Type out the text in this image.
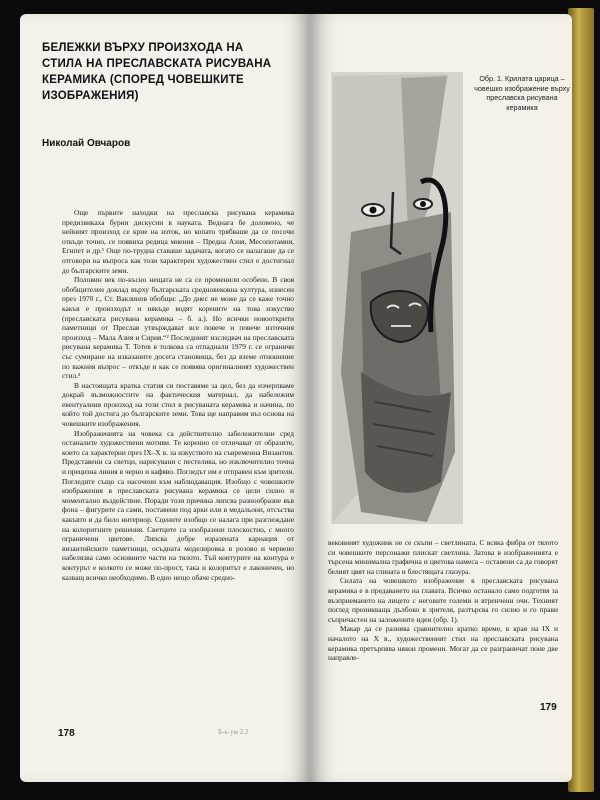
БЕЛЕЖКИ ВЪРХУ ПРОИЗХОДА НА СТИЛА НА ПРЕСЛАВСКАТА РИСУВАНА КЕРАМИКА (СПОРЕД ЧОВЕШКИТЕ ИЗОБРАЖЕНИЯ)

Николай Овчаров

Още първите находки на преславска рисувана керамика предизвикаха бурни дискусии в науката. Веднага бе доловено, че нейният произход се крие на изток, но копато трябваше да се посочи откъде точно, се появиха редица мнения – Предна Азия, Месопотамия, Египет и др.¹ Още по-трудна ставаше задачата, когато се налагаше да се отговори на въпроса как този характерен художествен стил е достигнал до българските земи.

Половин век по-късно нещата не са се променили особено. В своя обобщителен доклад върху българската средновековна култура, изнесен през 1970 г., Ст. Ваклинов обобщи: „До днес не може да се каже точно какъв е произходът и някъде водят корените на това изкуство (преславската рисувана керамика – б. а.). Но всички новооткрити паметници от Преслав утвърждават все повече и повече източния произход – Мала Азия и Сирия.“² Последният изследвач на преславската рисувана керамика Т. Тотев в толкова са отпаднали 1979 г. се ограничи със сумиране на изказаните досега становища, без да вземе отношение по важния въпрос – откъде и как се появява оригиналният художествен стил.³

В настоящата кратка статия си поставяме за цел, без да изчерпваме докрай възможностите на фактическия материал, да набележим евентуалния произход на този стил в рисуваната керамика и начина, по който той достига до българските земи. Това ще направим въз основа на човешките изображения.

Изображенията на човека са действително забележителни сред останалите художествени мотиви. Те коренно се отличават от образите, които са характерни през IX–X в. за изкуството на съвременна Византия. Представени са светци, нарисувани с пестелива, но изключително точна и прецизна линия в черно и кафяво. Погледът им е отправен към зрителя. Погледите също са насочени към наблюдаващия. Изобщо с човешките изображения в преславската рисувана керамика се цели силно и моментално въздействие. Поради този причина липсва разнообразие във фона – фигурите са сами, поставени под арки или в медальони, отсъства какъвто и да било интериор. Сцените изобщо се налага при разглеждане на колоритните решения. Светците са изобразени плоскостно, с много ограничени цветове. Липсва добре изразената карнация от византийските паметници, осъдната моделировка в розово и червено набелязва само основните части на тялото. Тъй контурите на контура е контурът е колкото се може по-прост, така и колоритът е лаконичен, но казващ всичко необходимо. В едно нещо обаче средно-

178	Б-к-ум 2.2

Обр. 1. Крилата царица – човешко изображение върху преславска рисувана керамика

вековният художник не се скъпи – светлината. С всяка фибра от тялото си човешките персонажи плискат светлина. Затова в изображенията е търсена минимална графична и цветова намеса – оставени са да говорят белият цвят на глината и блестящата глазура.

Силата на човешкото изображение в преславската рисувана керамика е в предаването на главата. Всичко останало само подготвя за възприемането на лицето с неговите големи и втренчени очи. Техният поглед проникваща дълбоко в зрителя, разтърсва го силно и го прави съпричастен на заложените идеи (обр. 1).

Макар да се разнява сравнително кратко време, в края на IX и началото на X в., художественият стил на преславската рисувана керамика претърпява някои промени. Могат да се разграничат поне две направле-

179
